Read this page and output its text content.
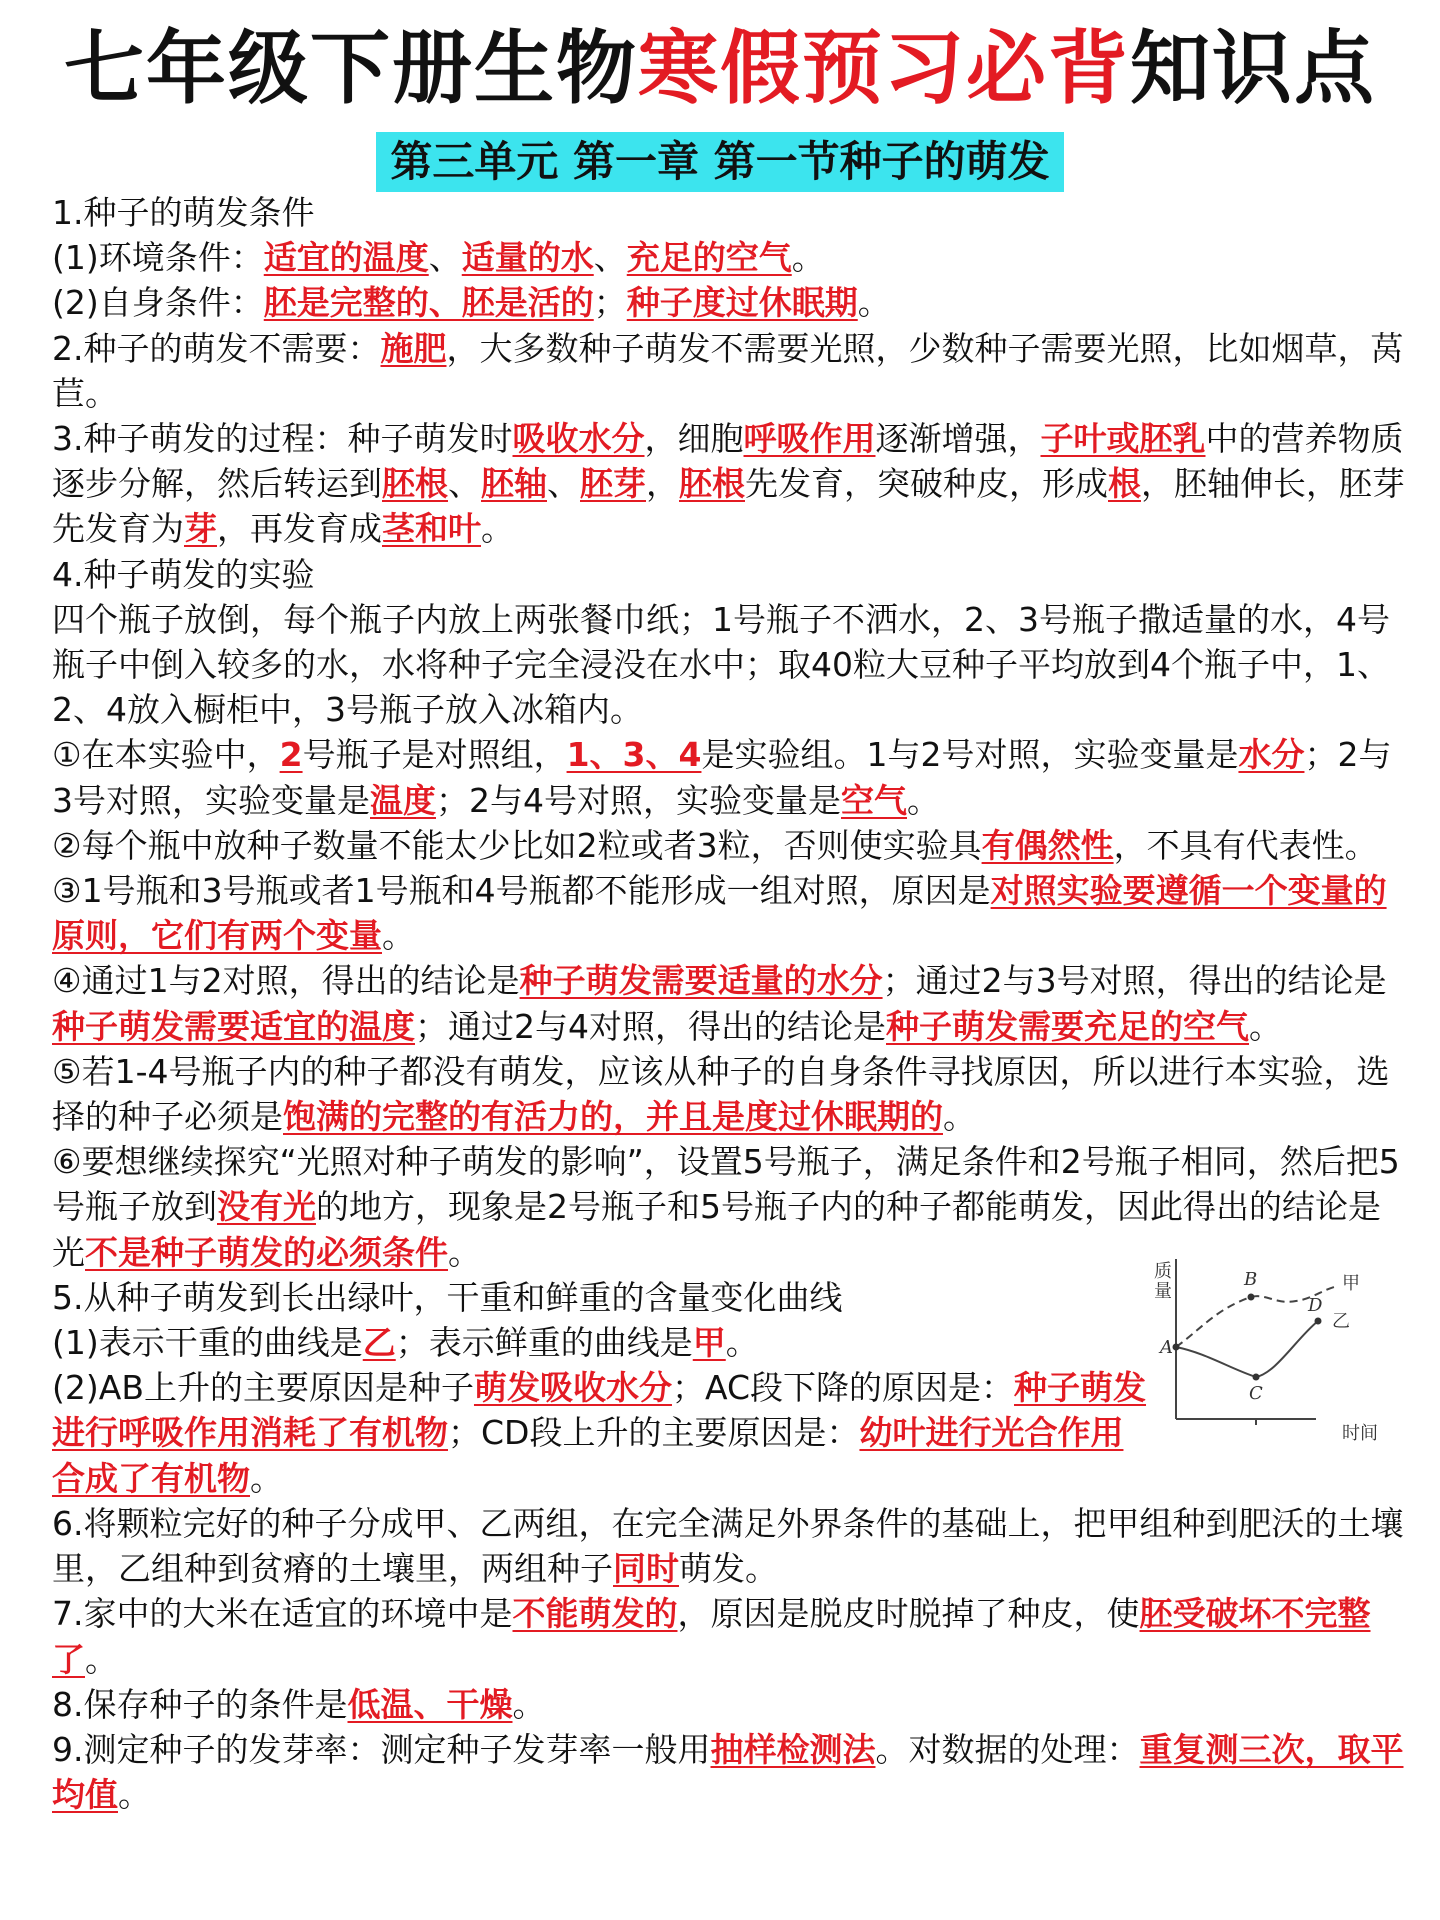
七年级下册生物寒假预习必背知识点
第三单元 第一章 第一节种子的萌发

1.种子的萌发条件

(1)环境条件：适宜的温度、适量的水、充足的空气。

(2)自身条件：胚是完整的、胚是活的；种子度过休眠期。

2.种子的萌发不需要：施肥，大多数种子萌发不需要光照，少数种子需要光照，比如烟草，莴苣。

3.种子萌发的过程：种子萌发时吸收水分，细胞呼吸作用逐渐增强，子叶或胚乳中的营养物质逐步分解，然后转运到胚根、胚轴、胚芽，胚根先发育，突破种皮，形成根，胚轴伸长，胚芽先发育为芽，再发育成茎和叶。

4.种子萌发的实验

四个瓶子放倒，每个瓶子内放上两张餐巾纸；1号瓶子不洒水，2、3号瓶子撒适量的水，4号瓶子中倒入较多的水，水将种子完全浸没在水中；取40粒大豆种子平均放到4个瓶子中，1、2、4放入橱柜中，3号瓶子放入冰箱内。

①在本实验中，2号瓶子是对照组，1、3、4是实验组。1与2号对照，实验变量是水分；2与3号对照，实验变量是温度；2与4号对照，实验变量是空气。

②每个瓶中放种子数量不能太少比如2粒或者3粒，否则使实验具有偶然性，不具有代表性。

③1号瓶和3号瓶或者1号瓶和4号瓶都不能形成一组对照，原因是对照实验要遵循一个变量的原则，它们有两个变量。

④通过1与2对照，得出的结论是种子萌发需要适量的水分；通过2与3号对照，得出的结论是种子萌发需要适宜的温度；通过2与4对照，得出的结论是种子萌发需要充足的空气。

⑤若1-4号瓶子内的种子都没有萌发，应该从种子的自身条件寻找原因，所以进行本实验，选择的种子必须是饱满的完整的有活力的，并且是度过休眠期的。

⑥要想继续探究“光照对种子萌发的影响”，设置5号瓶子，满足条件和2号瓶子相同，然后把5号瓶子放到没有光的地方，现象是2号瓶子和5号瓶子内的种子都能萌发，因此得出的结论是光不是种子萌发的必须条件。

5.从种子萌发到长出绿叶，干重和鲜重的含量变化曲线

(1)表示干重的曲线是乙；表示鲜重的曲线是甲。

(2)AB上升的主要原因是种子萌发吸收水分；AC段下降的原因是：种子萌发进行呼吸作用消耗了有机物；CD段上升的主要原因是：幼叶进行光合作用合成了有机物。

质
量
时间
A
B
C
D
甲
乙

6.将颗粒完好的种子分成甲、乙两组，在完全满足外界条件的基础上，把甲组种到肥沃的土壤里，乙组种到贫瘠的土壤里，两组种子同时萌发。

7.家中的大米在适宜的环境中是不能萌发的，原因是脱皮时脱掉了种皮，使胚受破坏不完整了。

8.保存种子的条件是低温、干燥。

9.测定种子的发芽率：测定种子发芽率一般用抽样检测法。对数据的处理：重复测三次，取平均值。
